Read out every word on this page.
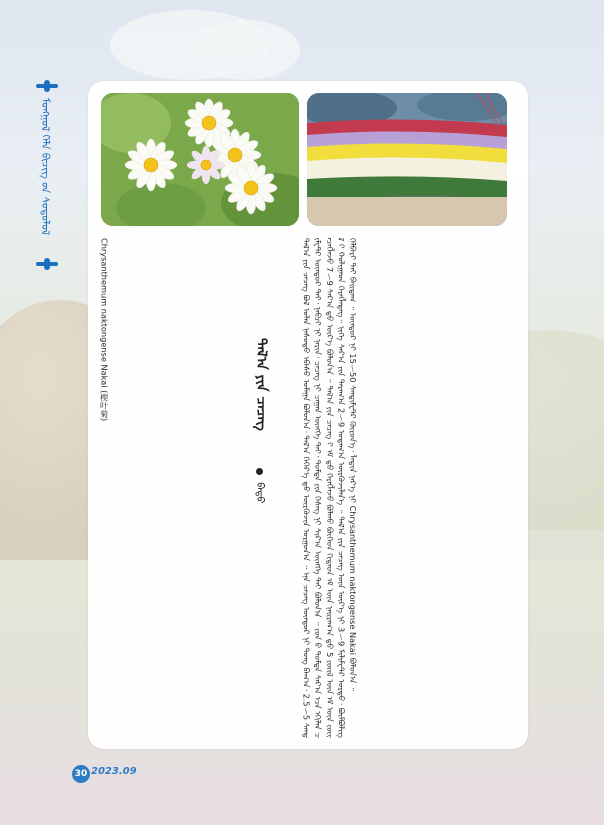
ᠮᠣᠩᠭᠣᠯ ᠬᠡᠯᠡ ᠪᠢᠴᠢᠭ ᠤ᠋ᠨ ᠰᠣᠳᠤᠯᠤᠯ
ᠲᠠᠯ᠎ᠠ ᠶᠢᠨ ᠴᠡᠴᠡᠭ
ᠪᠠᠲᠤ	ᠲᠠᠯ᠎ᠠ ᠶᠢᠨ ᠴᠡᠴᠡᠭ ᠪᠣᠯ ᠣᠯᠠᠨ ᠨᠠᠰᠤᠲᠤ ᠡᠪᠡᠰᠤ ᠤᠮᠠᠭᠠ ᠪᠣᠯᠤᠨ᠎ᠠ᠂ ᠲᠠᠯ᠎ᠠ ᠬᠡᠭᠡᠷ᠎ᠡ ᠳ᠋ᠤ ᠦᠷᠭᠦᠵᠢᠨ ᠤᠷᠭᠤᠨ᠎ᠠ ᠃ ᠡᠨᠡ ᠴᠡᠴᠡᠭ ᠦᠨᠳᠦᠷ ᠨᠢ ᠲᠤᠩ ᠪᠠᠭ᠎ᠠ᠂ 2.5～5 ᠰᠠᠨᠲᠢᠮᠧᠲᠷ ᠦᠨᠳᠦᠷ ᠲᠠᠢ᠂ ᠨᠠᠪᠴᠢ ᠨᠢ ᠨᠠᠷᠢᠨ᠂ ᠴᠡᠴᠡᠭ ᠨᠢ ᠴᠠᠭᠠᠨ ᠦᠩᠭᠡ ᠲᠠᠢ᠂ ᠳᠤᠮᠳᠠ ᠶᠢᠨ ᠬᠡᠰᠡᠭ ᠨᠢ ᠰᠢᠷ᠎ᠠ ᠥᠩᠭᠡ ᠲᠠᠢ ᠪᠣᠯᠤᠨ᠎ᠠ ᠃ ᠵᠤᠨ ᠤ᠋ ᠳᠤᠮᠳᠠ ᠰᠠᠷ᠎ᠠ ᠡᠴᠡ ᠡᠬᠢᠯᠡᠨ ᠴᠡᠴᠡᠭᠯᠡᠵᠦ 7～9 ᠰᠠᠷ᠎ᠠ ᠳ᠋ᠤ ᠦᠷ᠎ᠡ ᠪᠣᠯᠤᠨ᠎ᠠ ᠃ ᠲᠠᠯ᠎ᠠ ᠶᠢᠨ ᠴᠡᠴᠡᠭ ᠢ᠋ ᠡᠮ ᠳ᠋ᠤ ᠬᠡᠷᠡᠭᠯᠡᠵᠦ ᠪᠣᠯᠬᠤ ᠪᠥᠭᠡᠳ ᠬᠢᠲᠠᠳ ᠡᠮ ᠦᠨ ᠨᠠᠢᠷᠠᠭ᠎ᠠ ᠳ᠋ᠤ 5 ᠵᠦᠢᠯ ᠦᠨ ᠡᠮ ᠦᠨ ᠵᠦᠢᠯ ᠢ᠋ ᠬᠣᠯᠢᠭᠠᠳ ᠬᠡᠷᠡᠭᠯᠡᠳᠡᠭ᠃ ᠨᠢᠭᠡ ᠰᠠᠷ᠎ᠠ ᠶᠢᠨ ᠳᠠᠷᠠᠭ᠎ᠠ 2～9 ᠤᠳᠠᠭ᠎ᠠ ᠦᠷᠭᠦᠵᠢᠯᠡᠨ᠎ᠡ ᠃ ᠲᠠᠯ᠎ᠠ ᠶᠢᠨ ᠴᠡᠴᠡᠭ ᠦᠨ ᠦᠷ᠎ᠡ ᠨᠢ 3～9 ᠮᠢᠯᠢᠮᠧᠲᠷ ᠤᠷᠲᠤ᠂ ᠪᠥᠮᠪᠥᠯᠢᠭ ᠬᠡᠯᠪᠡᠷᠢ ᠲᠠᠢ ᠪᠠᠢᠳᠠᠭ ᠃ ᠦᠨᠳᠦᠷ ᠨᠢ 15～50 ᠰᠠᠨᠲᠢᠮᠧᠲᠷ ᠬᠦᠷᠦᠨ᠎ᠡ᠂ ᠯᠠᠲᠢᠨ ᠨᠡᠷ᠎ᠡ ᠨᠢ Chrysanthemum naktongense Nakai ᠪᠣᠯᠤᠨ᠎ᠠ ᠃
Chrysanthemum naktongense Nakai (楔叶菊)
30 2023.09
